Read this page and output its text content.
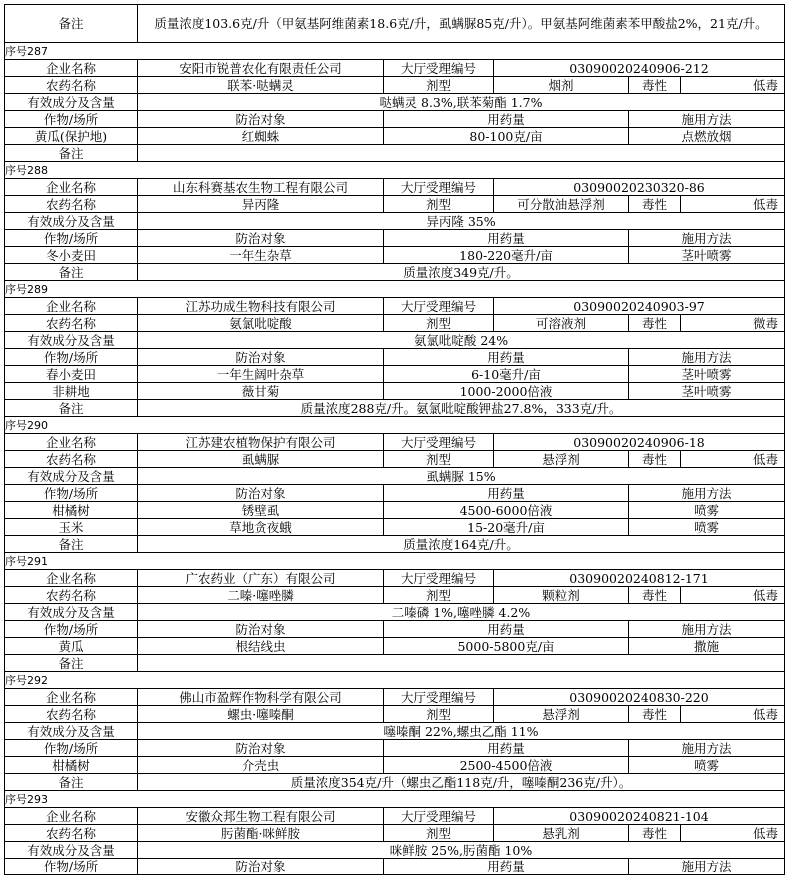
备注	质量浓度103.6克/升（甲氨基阿维菌素18.6克/升，虱螨脲85克/升）。甲氨基阿维菌素苯甲酸盐2%，21克/升。
序号 287
企业名称	安阳市锐普农化有限责任公司	大厅受理编号	03090020240906-212
农药名称	联苯·哒螨灵	剂型	烟剂	毒性	低毒
有效成分及含量	哒螨灵 8.3%,联苯菊酯 1.7%
作物/场所	防治对象	用药量	施用方法
黄瓜(保护地)	红蜘蛛	80-100克/亩	点燃放烟
备注
序号 288
企业名称	山东科赛基农生物工程有限公司	大厅受理编号	03090020230320-86
农药名称	异丙隆	剂型	可分散油悬浮剂	毒性	低毒
有效成分及含量	异丙隆 35%
作物/场所	防治对象	用药量	施用方法
冬小麦田	一年生杂草	180-220毫升/亩	茎叶喷雾
备注	质量浓度349克/升。
序号 289
企业名称	江苏功成生物科技有限公司	大厅受理编号	03090020240903-97
农药名称	氨氯吡啶酸	剂型	可溶液剂	毒性	微毒
有效成分及含量	氨氯吡啶酸 24%
作物/场所	防治对象	用药量	施用方法
春小麦田	一年生阔叶杂草	6-10毫升/亩	茎叶喷雾
非耕地	薇甘菊	1000-2000倍液	茎叶喷雾
备注	质量浓度288克/升。氨氯吡啶酸钾盐27.8%，333克/升。
序号 290
企业名称	江苏建农植物保护有限公司	大厅受理编号	03090020240906-18
农药名称	虱螨脲	剂型	悬浮剂	毒性	低毒
有效成分及含量	虱螨脲 15%
作物/场所	防治对象	用药量	施用方法
柑橘树	锈壁虱	4500-6000倍液	喷雾
玉米	草地贪夜蛾	15-20毫升/亩	喷雾
备注	质量浓度164克/升。
序号 291
企业名称	广农药业（广东）有限公司	大厅受理编号	03090020240812-171
农药名称	二嗪·噻唑膦	剂型	颗粒剂	毒性	低毒
有效成分及含量	二嗪磷 1%,噻唑膦 4.2%
作物/场所	防治对象	用药量	施用方法
黄瓜	根结线虫	5000-5800克/亩	撒施
备注
序号 292
企业名称	佛山市盈辉作物科学有限公司	大厅受理编号	03090020240830-220
农药名称	螺虫·噻嗪酮	剂型	悬浮剂	毒性	低毒
有效成分及含量	噻嗪酮 22%,螺虫乙酯 11%
作物/场所	防治对象	用药量	施用方法
柑橘树	介壳虫	2500-4500倍液	喷雾
备注	质量浓度354克/升（螺虫乙酯118克/升，噻嗪酮236克/升）。
序号 293
企业名称	安徽众邦生物工程有限公司	大厅受理编号	03090020240821-104
农药名称	肟菌酯·咪鲜胺	剂型	悬乳剂	毒性	低毒
有效成分及含量	咪鲜胺 25%,肟菌酯 10%
作物/场所	防治对象	用药量	施用方法
